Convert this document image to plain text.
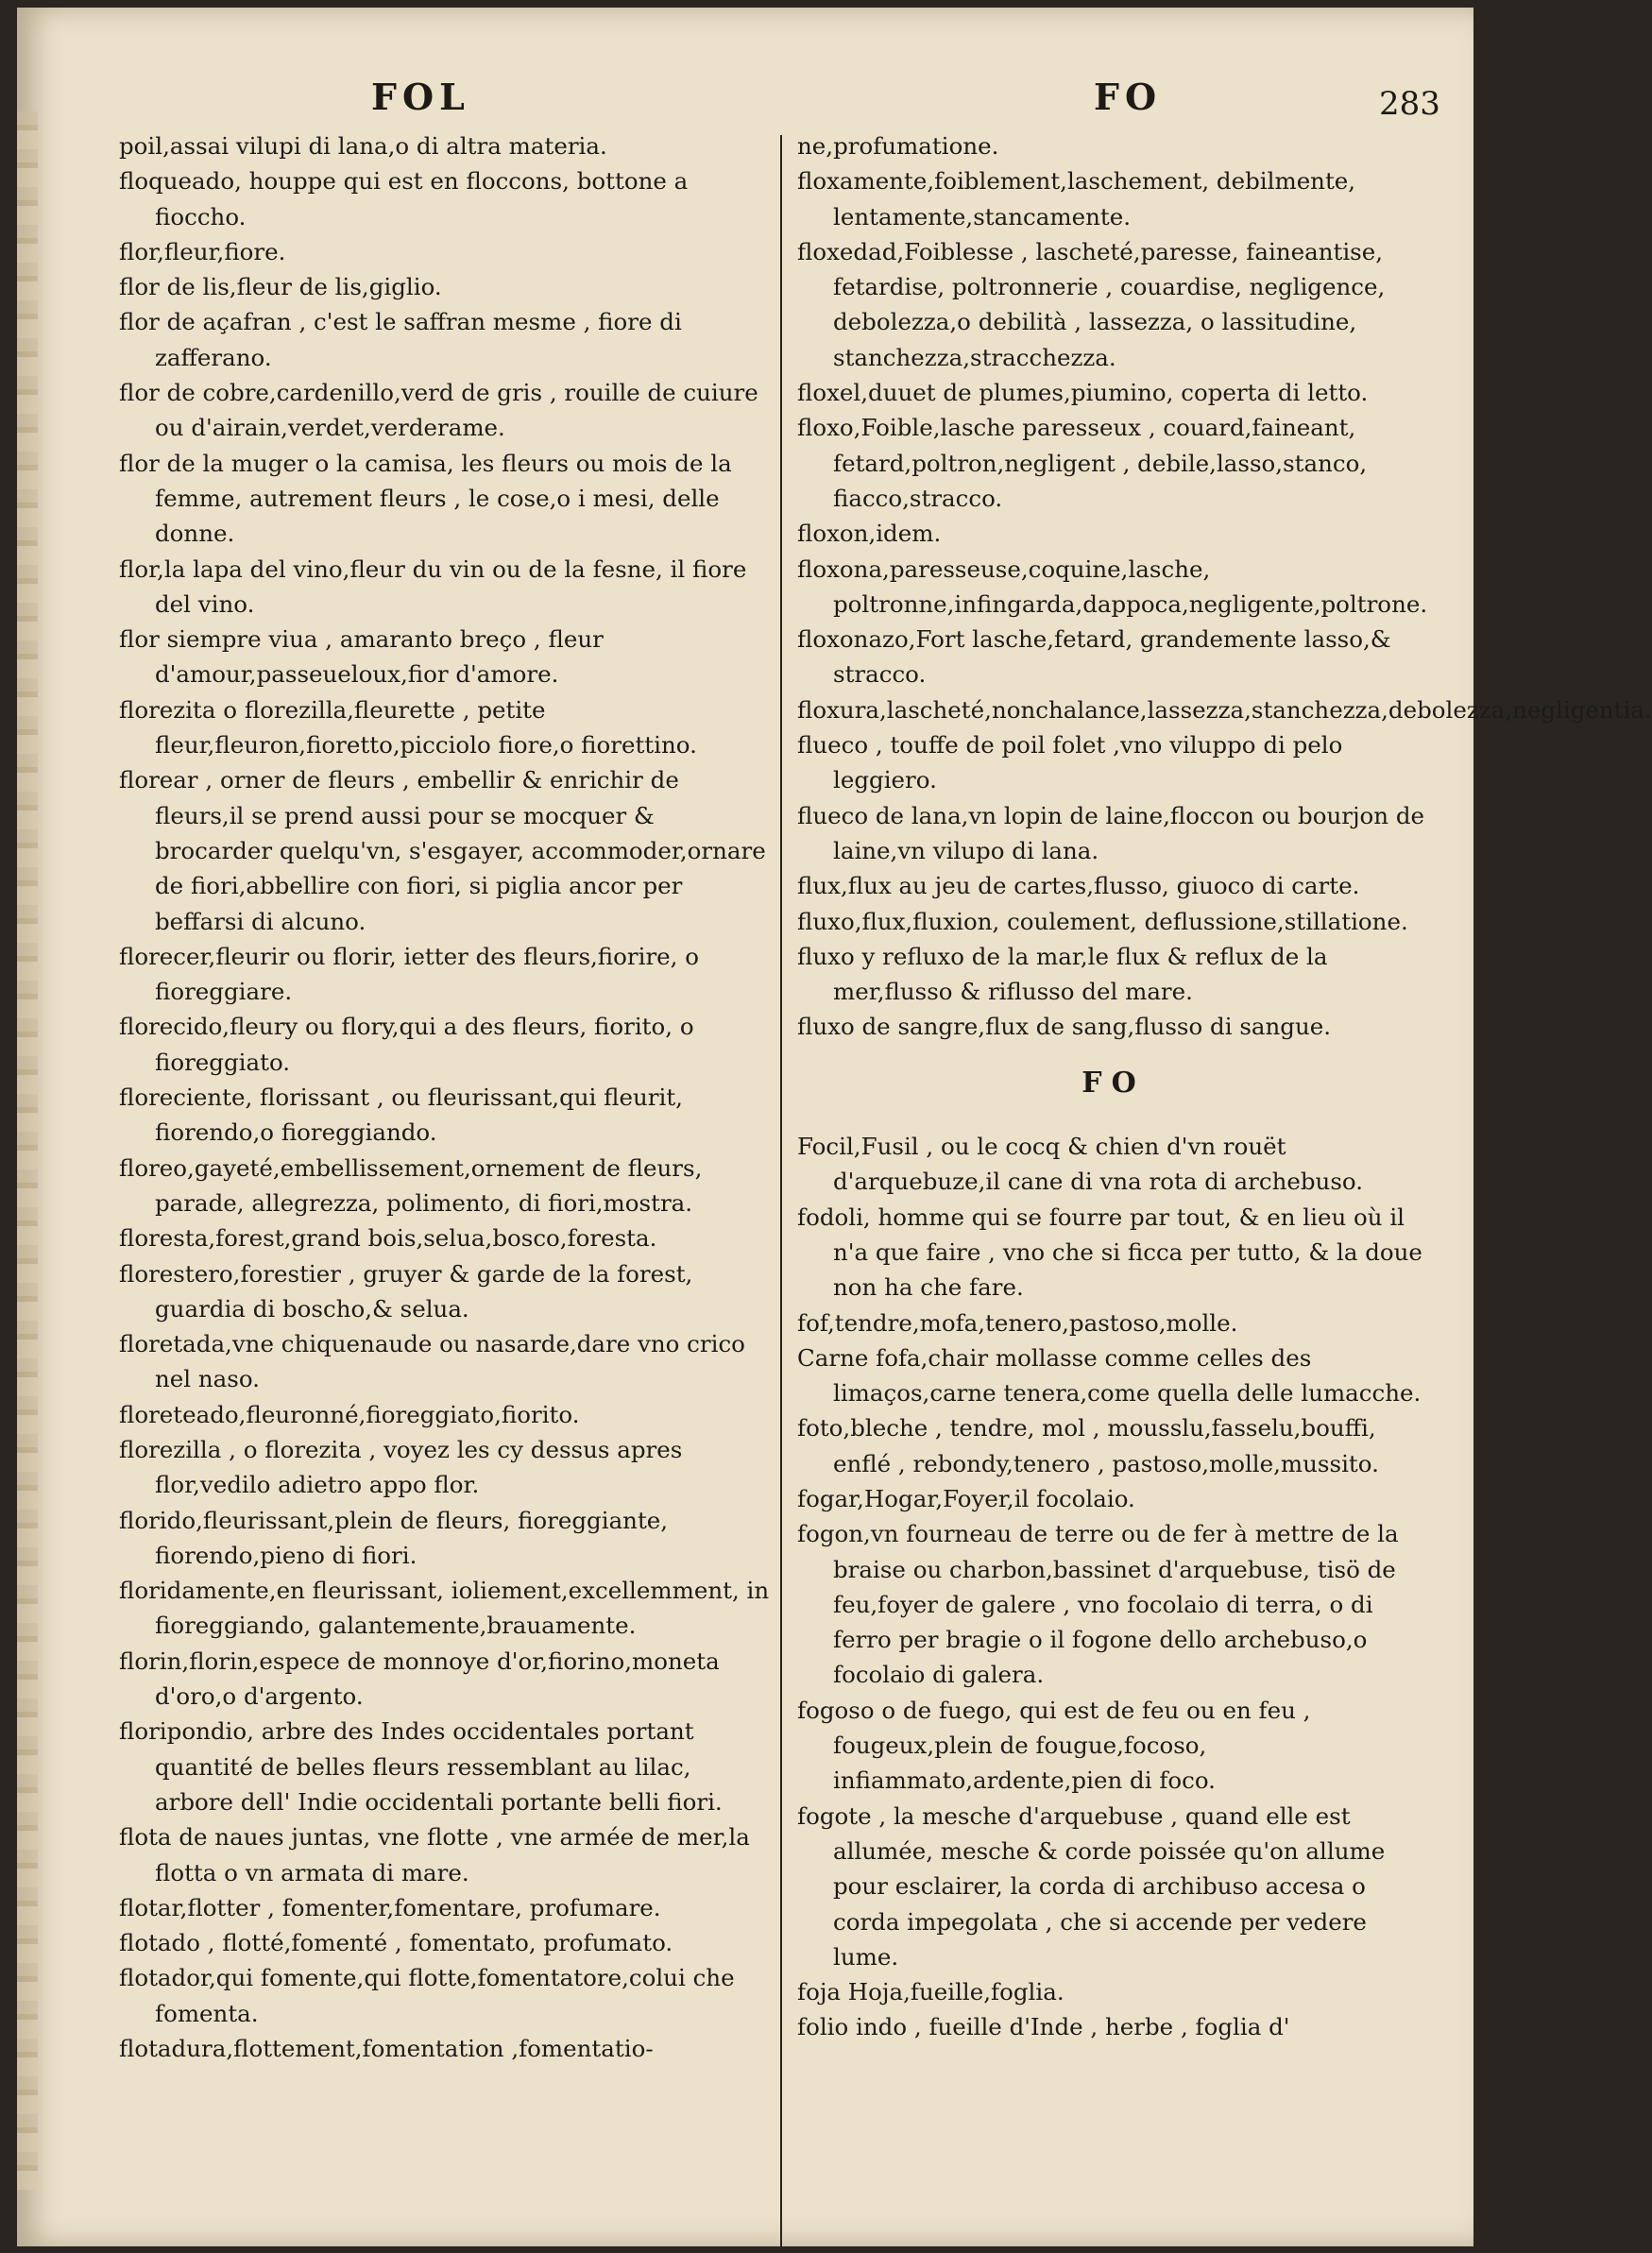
FOL	FO	283

poil,assai vilupi di lana,o di altra materia.

floqueado, houppe qui est en floccons, bottone a fioccho.

flor,fleur,fiore.

flor de lis,fleur de lis,giglio.

flor de açafran , c'est le saffran mesme , fiore di zafferano.

flor de cobre,cardenillo,verd de gris , rouille de cuiure ou d'airain,verdet,verderame.

flor de la muger o la camisa, les fleurs ou mois de la femme, autrement fleurs , le cose,o i mesi, delle donne.

flor,la lapa del vino,fleur du vin ou de la fesne, il fiore del vino.

flor siempre viua , amaranto breço , fleur d'amour,passeueloux,fior d'amore.

florezita o florezilla,fleurette , petite fleur,fleuron,fioretto,picciolo fiore,o fiorettino.

florear , orner de fleurs , embellir & enrichir de fleurs,il se prend aussi pour se mocquer & brocarder quelqu'vn, s'esgayer, accommoder,ornare de fiori,abbellire con fiori, si piglia ancor per beffarsi di alcuno.

florecer,fleurir ou florir, ietter des fleurs,fiorire, o fioreggiare.

florecido,fleury ou flory,qui a des fleurs, fiorito, o fioreggiato.

floreciente, florissant , ou fleurissant,qui fleurit, fiorendo,o fioreggiando.

floreo,gayeté,embellissement,ornement de fleurs, parade, allegrezza, polimento, di fiori,mostra.

floresta,forest,grand bois,selua,bosco,foresta.

florestero,forestier , gruyer & garde de la forest, guardia di boscho,& selua.

floretada,vne chiquenaude ou nasarde,dare vno crico nel naso.

floreteado,fleuronné,fioreggiato,fiorito.

florezilla , o florezita , voyez les cy dessus apres flor,vedilo adietro appo flor.

florido,fleurissant,plein de fleurs, fioreggiante, fiorendo,pieno di fiori.

floridamente,en fleurissant, ioliement,excellemment, in fioreggiando, galantemente,brauamente.

florin,florin,espece de monnoye d'or,fiorino,moneta d'oro,o d'argento.

floripondio, arbre des Indes occidentales portant quantité de belles fleurs ressemblant au lilac, arbore dell' Indie occidentali portante belli fiori.

flota de naues juntas, vne flotte , vne armée de mer,la flotta o vn armata di mare.

flotar,flotter , fomenter,fomentare, profumare.

flotado , flotté,fomenté , fomentato, profumato.

flotador,qui fomente,qui flotte,fomentatore,colui che fomenta.

flotadura,flottement,fomentation ,fomentatio-

ne,profumatione.

floxamente,foiblement,laschement, debilmente, lentamente,stancamente.

floxedad,Foiblesse , lascheté,paresse, faineantise, fetardise, poltronnerie , couardise, negligence, debolezza,o debilità , lassezza, o lassitudine, stanchezza,stracchezza.

floxel,duuet de plumes,piumino, coperta di letto.

floxo,Foible,lasche paresseux , couard,faineant, fetard,poltron,negligent , debile,lasso,stanco, fiacco,stracco.

floxon,idem.

floxona,paresseuse,coquine,lasche, poltronne,infingarda,dappoca,negligente,poltrone.

floxonazo,Fort lasche,fetard, grandemente lasso,& stracco.

floxura,lascheté,nonchalance,lassezza,stanchezza,debolezza,negligentia.

flueco , touffe de poil folet ,vno viluppo di pelo leggiero.

flueco de lana,vn lopin de laine,floccon ou bourjon de laine,vn vilupo di lana.

flux,flux au jeu de cartes,flusso, giuoco di carte.

fluxo,flux,fluxion, coulement, deflussione,stillatione.

fluxo y refluxo de la mar,le flux & reflux de la mer,flusso & riflusso del mare.

fluxo de sangre,flux de sang,flusso di sangue.

FO

Focil,Fusil , ou le cocq & chien d'vn rouët d'arquebuze,il cane di vna rota di archebuso.

fodoli, homme qui se fourre par tout, & en lieu où il n'a que faire , vno che si ficca per tutto, & la doue non ha che fare.

fof,tendre,mofa,tenero,pastoso,molle.

Carne fofa,chair mollasse comme celles des limaços,carne tenera,come quella delle lumacche.

foto,bleche , tendre, mol , mousslu,fasselu,bouffi, enflé , rebondy,tenero , pastoso,molle,mussito.

fogar,Hogar,Foyer,il focolaio.

fogon,vn fourneau de terre ou de fer à mettre de la braise ou charbon,bassinet d'arquebuse, tisö de feu,foyer de galere , vno focolaio di terra, o di ferro per bragie o il fogone dello archebuso,o focolaio di galera.

fogoso o de fuego, qui est de feu ou en feu , fougeux,plein de fougue,focoso, infiammato,ardente,pien di foco.

fogote , la mesche d'arquebuse , quand elle est allumée, mesche & corde poissée qu'on allume pour esclairer, la corda di archibuso accesa o corda impegolata , che si accende per vedere lume.

foja Hoja,fueille,foglia.

folio indo , fueille d'Inde , herbe , foglia d'
